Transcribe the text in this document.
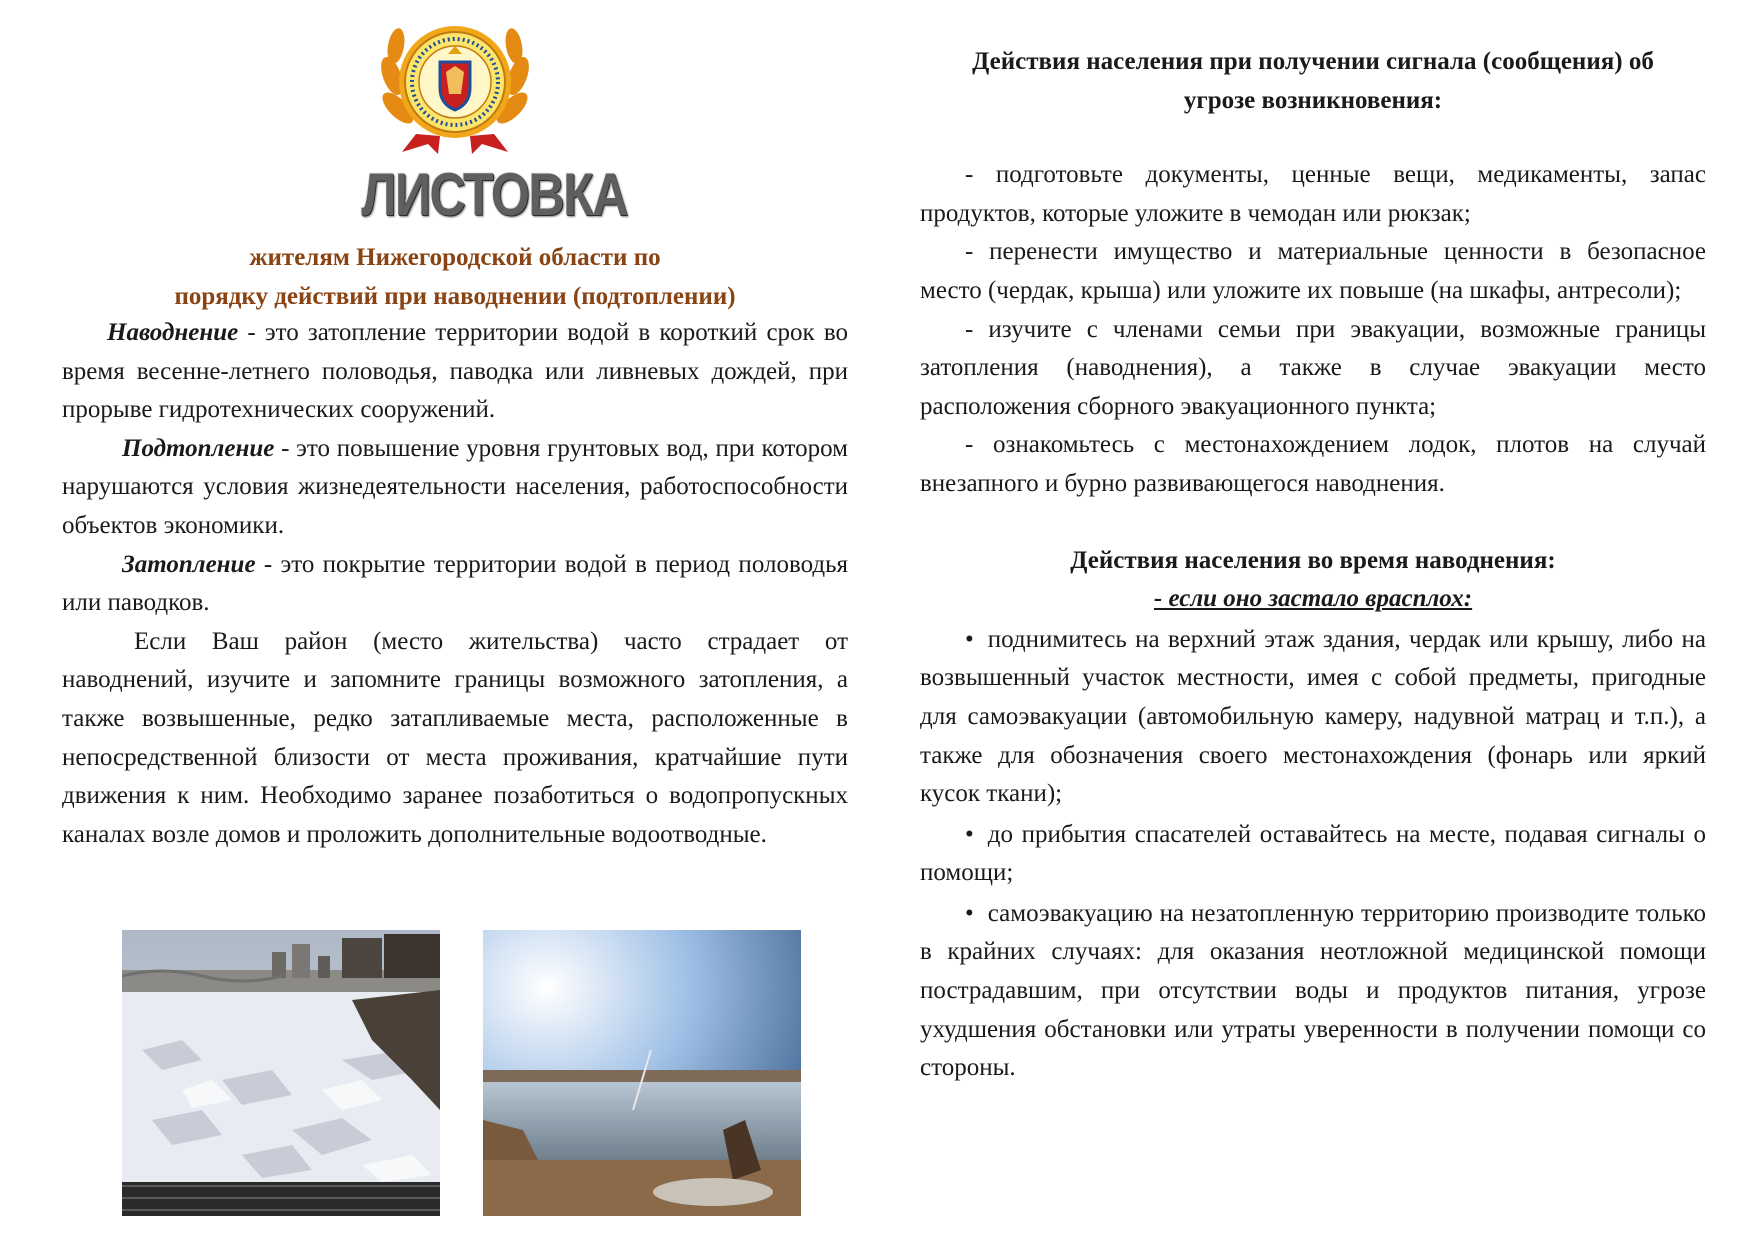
ЛИСТОВКА
жителям Нижегородской области по
порядку действий при наводнении (подтоплении)

Наводнение - это затопление территории водой в короткий срок во время весенне-летнего половодья, паводка или ливневых дождей, при прорыве гидротехнических сооружений.

Подтопление - это повышение уровня грунтовых вод, при котором нарушаются условия жизнедеятельности населения, работоспособности объектов экономики.

Затопление - это покрытие территории водой в период половодья или паводков.

Если Ваш район (место жительства) часто страдает от наводнений, изучите и запомните границы возможного затопления, а также возвышенные, редко затапливаемые места, расположенные в непосредственной близости от места проживания, кратчайшие пути движения к ним. Необходимо заранее позаботиться о водопропускных каналах возле домов и проложить дополнительные водоотводные.

Действия населения при получении сигнала (сообщения) об угрозе возникновения:

- подготовьте документы, ценные вещи, медикаменты, запас продуктов, которые уложите в чемодан или рюкзак;

- перенести имущество и материальные ценности в безопасное место (чердак, крыша) или уложите их повыше (на шкафы, антресоли);

- изучите с членами семьи при эвакуации, возможные границы затопления (наводнения), а также в случае эвакуации место расположения сборного эвакуационного пункта;

- ознакомьтесь с местонахождением лодок, плотов на случай внезапного и бурно развивающегося наводнения.

Действия населения во время наводнения:
- если оно застало врасплох:

• поднимитесь на верхний этаж здания, чердак или крышу, либо на возвышенный участок местности, имея с собой предметы, пригодные для самоэвакуации (автомобильную камеру, надувной матрац и т.п.), а также для обозначения своего местонахождения (фонарь или яркий кусок ткани);

• до прибытия спасателей оставайтесь на месте, подавая сигналы о помощи;

• самоэвакуацию на незатопленную территорию производите только в крайних случаях: для оказания неотложной медицинской помощи пострадавшим, при отсутствии воды и продуктов питания, угрозе ухудшения обстановки или утраты уверенности в получении помощи со стороны.
